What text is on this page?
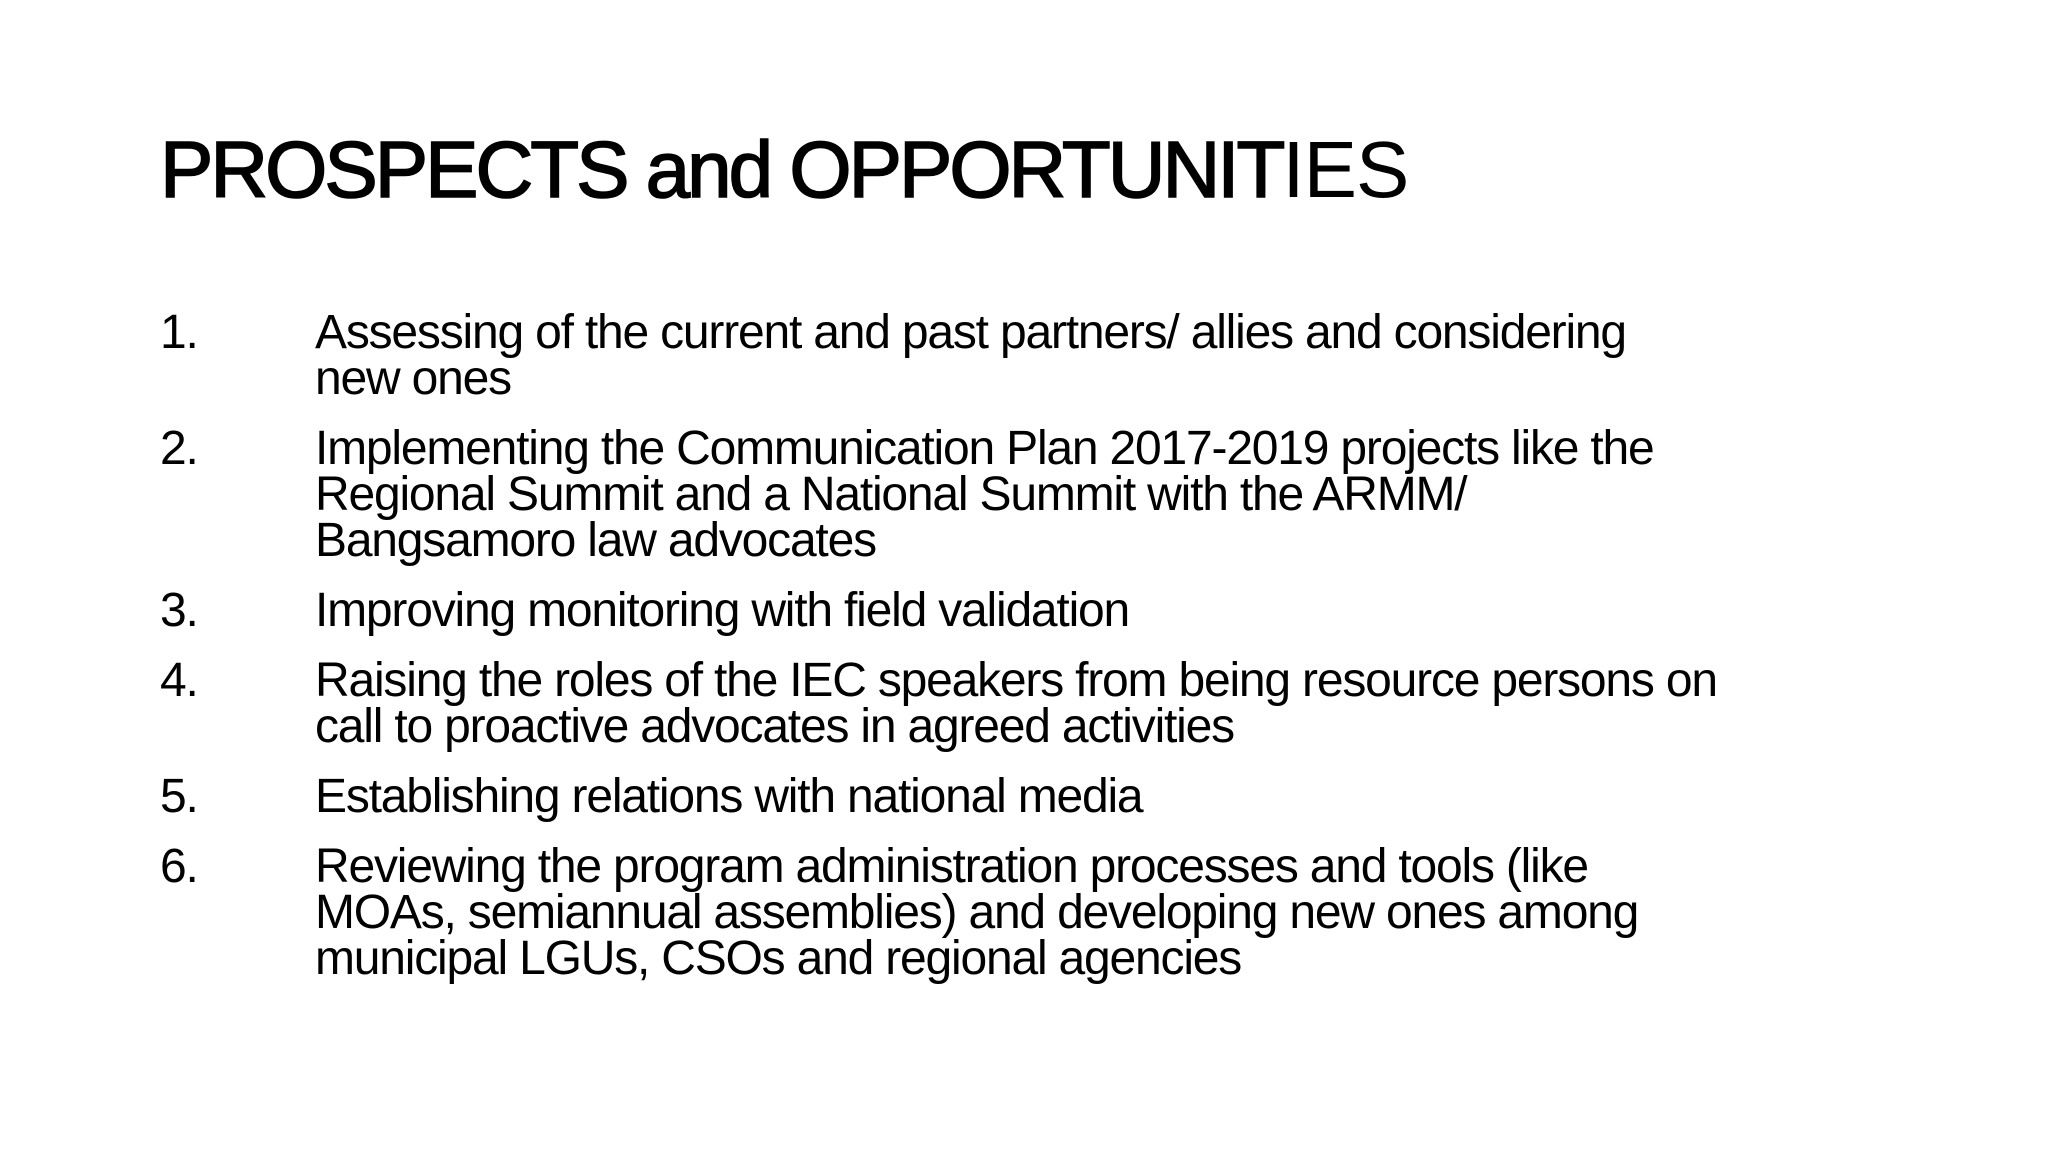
PROSPECTS and OPPORTUNITIES
1. Assessing of the current and past partners/ allies and considering
new ones
2. Implementing the Communication Plan 2017-2019 projects like the
Regional Summit and a National Summit with the ARMM/
Bangsamoro law advocates
3. Improving monitoring with field validation
4. Raising the roles of the IEC speakers from being resource persons on
call to proactive advocates in agreed activities
5. Establishing relations with national media
6. Reviewing the program administration processes and tools (like
MOAs, semiannual assemblies) and developing new ones among
municipal LGUs, CSOs and regional agencies
